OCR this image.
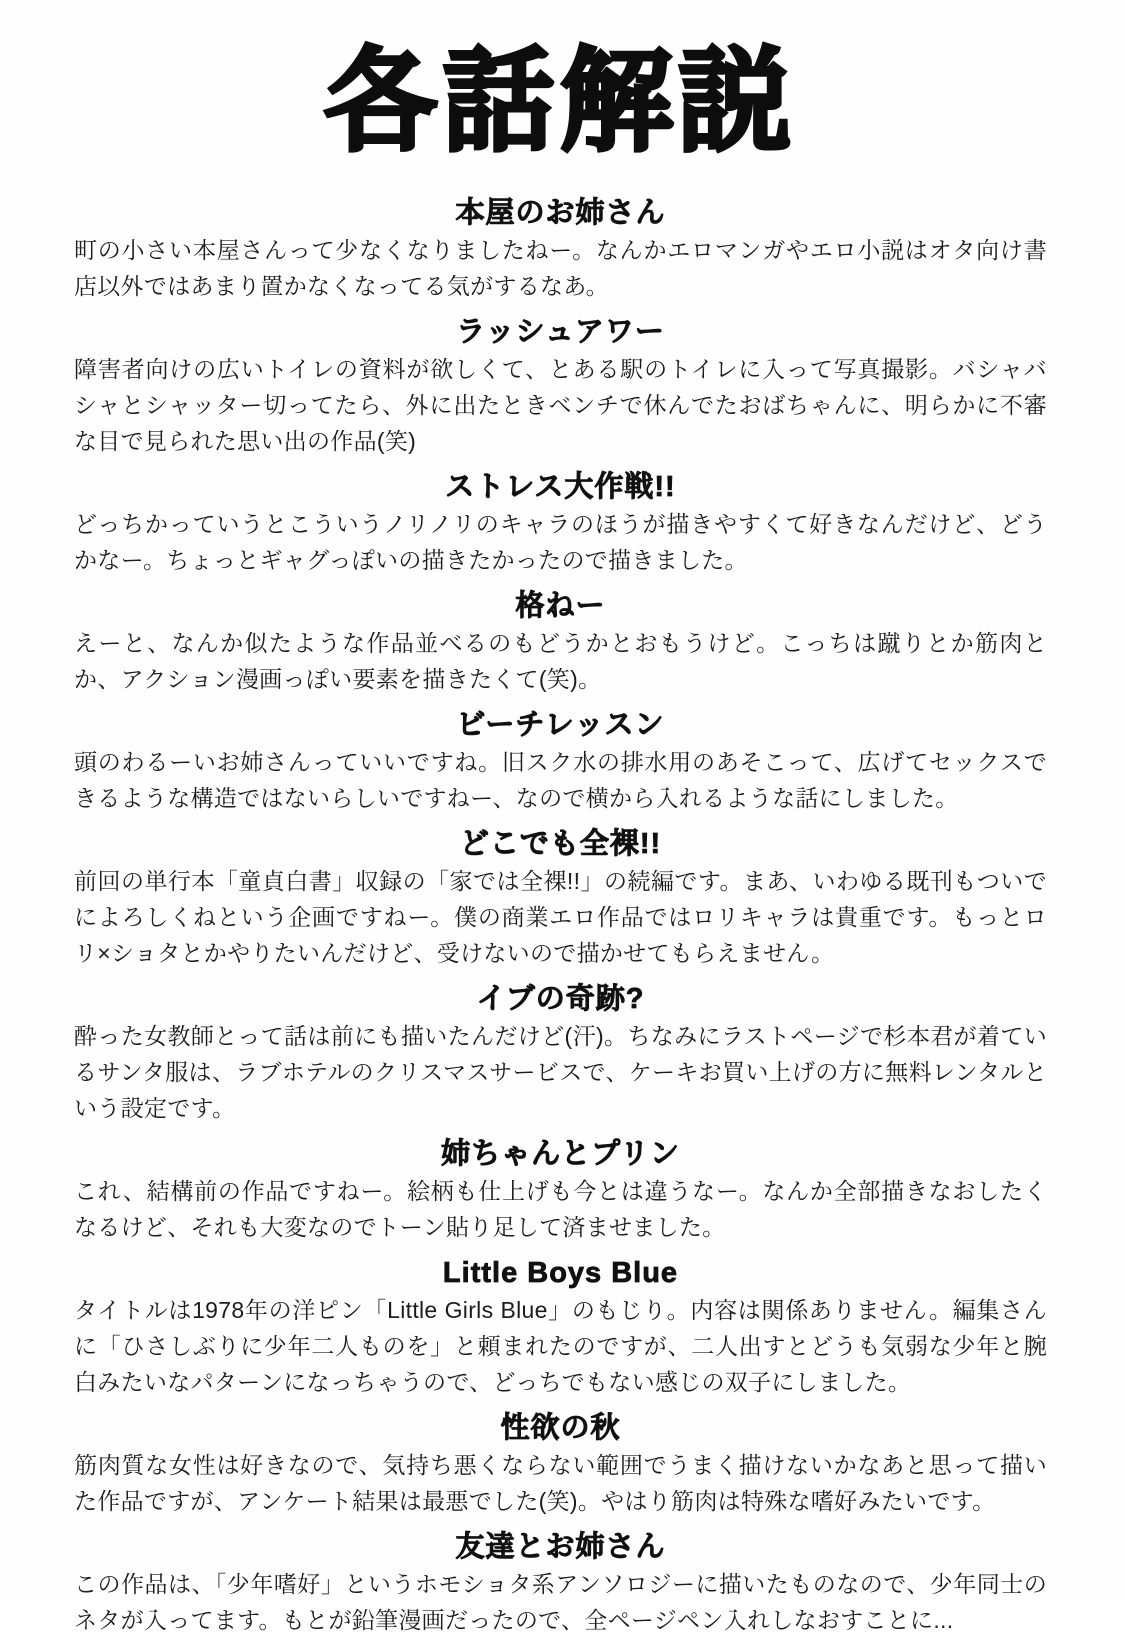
各話解説
本屋のお姉さん

町の小さい本屋さんって少なくなりましたねー。なんかエロマンガやエロ小説はオタ向け書店以外ではあまり置かなくなってる気がするなあ。

ラッシュアワー

障害者向けの広いトイレの資料が欲しくて、とある駅のトイレに入って写真撮影。バシャバシャとシャッター切ってたら、外に出たときベンチで休んでたおばちゃんに、明らかに不審な目で見られた思い出の作品(笑)

ストレス大作戦!!

どっちかっていうとこういうノリノリのキャラのほうが描きやすくて好きなんだけど、どうかなー。ちょっとギャグっぽいの描きたかったので描きました。

格ねー

えーと、なんか似たような作品並べるのもどうかとおもうけど。こっちは蹴りとか筋肉とか、アクション漫画っぽい要素を描きたくて(笑)。

ビーチレッスン

頭のわるーいお姉さんっていいですね。旧スク水の排水用のあそこって、広げてセックスできるような構造ではないらしいですねー、なので横から入れるような話にしました。

どこでも全裸!!

前回の単行本「童貞白書」収録の「家では全裸!!」の続編です。まあ、いわゆる既刊もついでによろしくねという企画ですねー。僕の商業エロ作品ではロリキャラは貴重です。もっとロリ×ショタとかやりたいんだけど、受けないので描かせてもらえません。

イブの奇跡?

酔った女教師とって話は前にも描いたんだけど(汗)。ちなみにラストページで杉本君が着ているサンタ服は、ラブホテルのクリスマスサービスで、ケーキお買い上げの方に無料レンタルという設定です。

姉ちゃんとプリン

これ、結構前の作品ですねー。絵柄も仕上げも今とは違うなー。なんか全部描きなおしたくなるけど、それも大変なのでトーン貼り足して済ませました。

Little Boys Blue

タイトルは1978年の洋ピン「Little Girls Blue」のもじり。内容は関係ありません。編集さんに「ひさしぶりに少年二人ものを」と頼まれたのですが、二人出すとどうも気弱な少年と腕白みたいなパターンになっちゃうので、どっちでもない感じの双子にしました。

性欲の秋

筋肉質な女性は好きなので、気持ち悪くならない範囲でうまく描けないかなあと思って描いた作品ですが、アンケート結果は最悪でした(笑)。やはり筋肉は特殊な嗜好みたいです。

友達とお姉さん

この作品は、「少年嗜好」というホモショタ系アンソロジーに描いたものなので、少年同士のネタが入ってます。もとが鉛筆漫画だったので、全ページペン入れしなおすことに...
